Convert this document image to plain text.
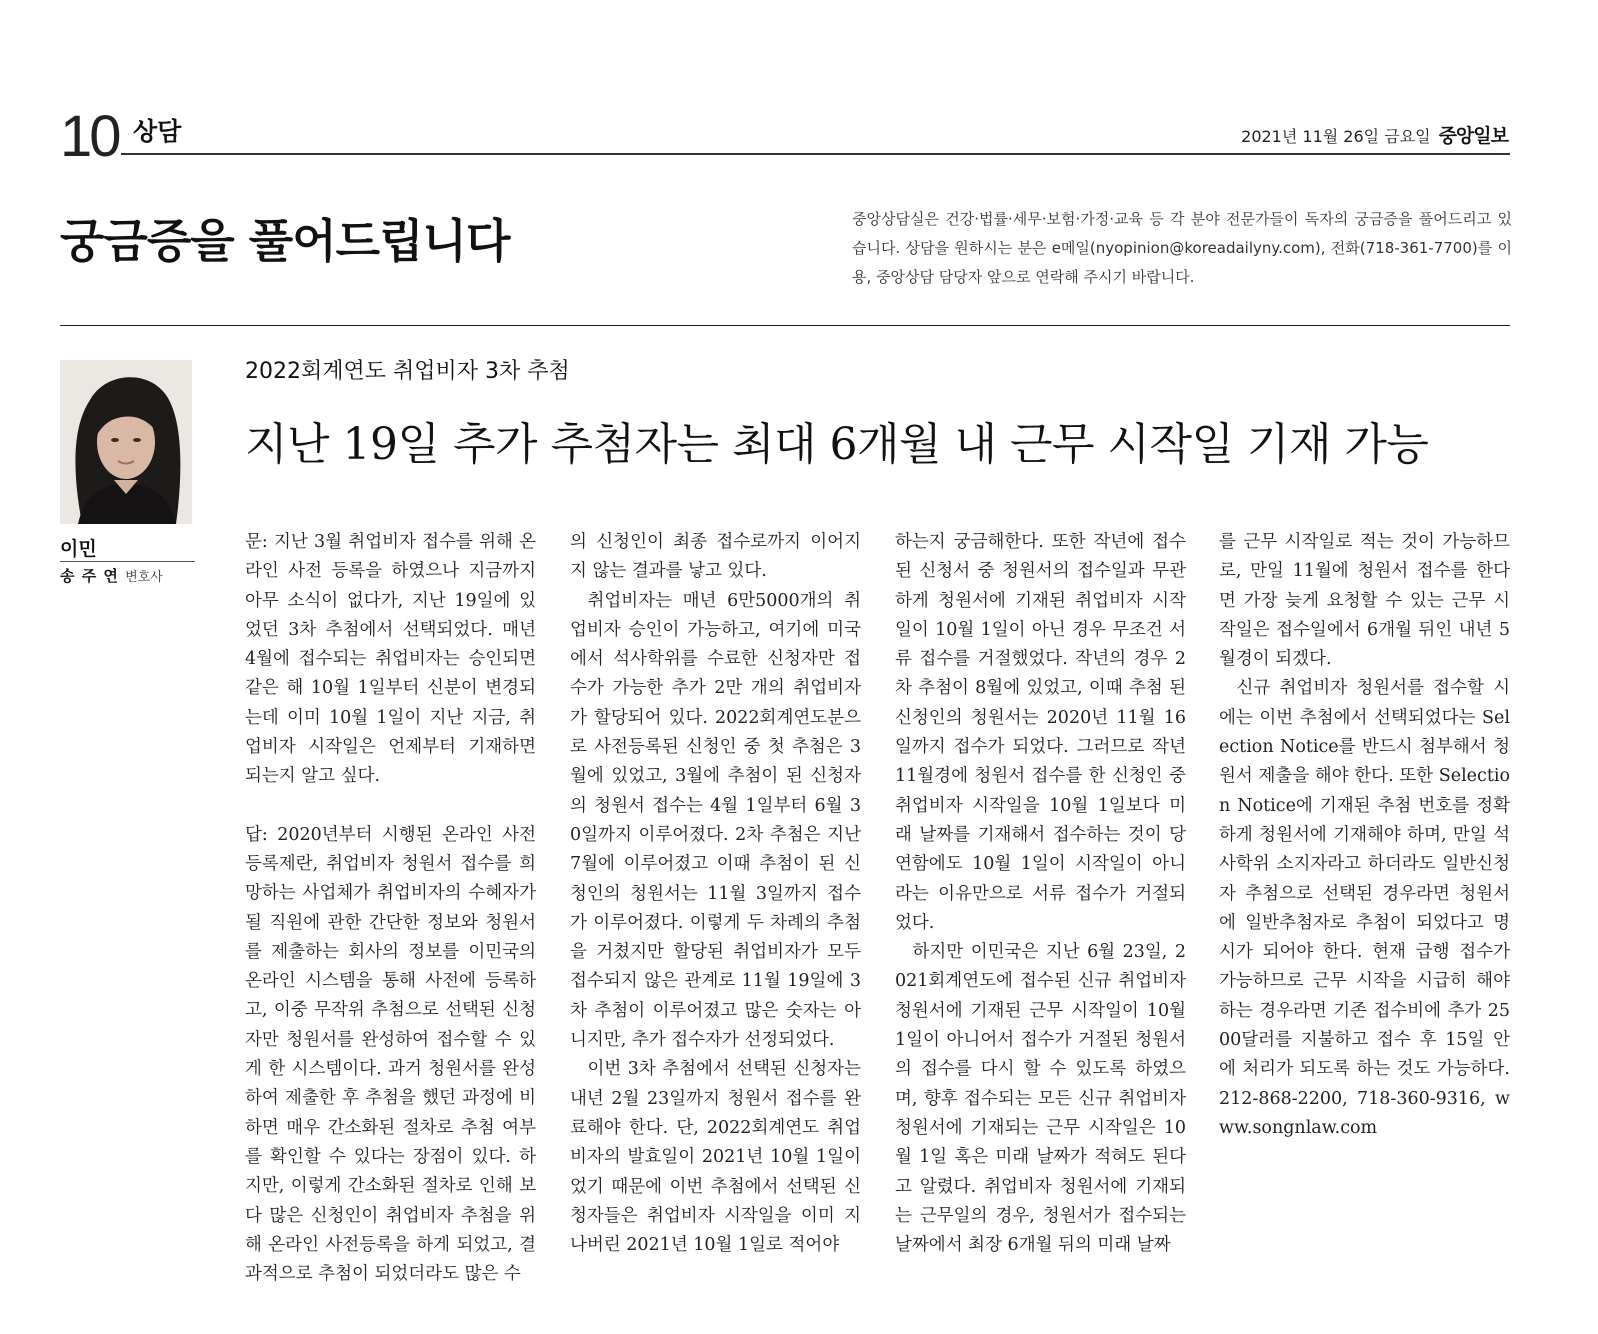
10 상담	2021년 11월 26일 금요일 중앙일보
궁금증을 풀어드립니다	중앙상담실은 건강·법률·세무·보험·가정·교육 등 각 분야 전문가들이 독자의 궁금증을 풀어드리고 있습니다. 상담을 원하시는 분은 e메일(nyopinion@koreadailyny.com), 전화(718-361-7700)를 이용, 중앙상담 담당자 앞으로 연락해 주시기 바랍니다.
이민
송 주 연 변호사
2022회계연도 취업비자 3차 추첨
지난 19일 추가 추첨자는 최대 6개월 내 근무 시작일 기재 가능

문: 지난 3월 취업비자 접수를 위해 온라인 사전 등록을 하였으나 지금까지 아무 소식이 없다가, 지난 19일에 있었던 3차 추첨에서 선택되었다. 매년 4월에 접수되는 취업비자는 승인되면 같은 해 10월 1일부터 신분이 변경되는데 이미 10월 1일이 지난 지금, 취업비자 시작일은 언제부터 기재하면 되는지 알고 싶다.

답: 2020년부터 시행된 온라인 사전등록제란, 취업비자 청원서 접수를 희망하는 사업체가 취업비자의 수혜자가 될 직원에 관한 간단한 정보와 청원서를 제출하는 회사의 정보를 이민국의 온라인 시스템을 통해 사전에 등록하고, 이중 무작위 추첨으로 선택된 신청자만 청원서를 완성하여 접수할 수 있게 한 시스템이다. 과거 청원서를 완성하여 제출한 후 추첨을 했던 과정에 비하면 매우 간소화된 절차로 추첨 여부를 확인할 수 있다는 장점이 있다. 하지만, 이렇게 간소화된 절차로 인해 보다 많은 신청인이 취업비자 추첨을 위해 온라인 사전등록을 하게 되었고, 결과적으로 추첨이 되었더라도 많은 수

의 신청인이 최종 접수로까지 이어지지 않는 결과를 낳고 있다.

취업비자는 매년 6만5000개의 취업비자 승인이 가능하고, 여기에 미국에서 석사학위를 수료한 신청자만 접수가 가능한 추가 2만 개의 취업비자가 할당되어 있다. 2022회계연도분으로 사전등록된 신청인 중 첫 추첨은 3월에 있었고, 3월에 추첨이 된 신청자의 청원서 접수는 4월 1일부터 6월 30일까지 이루어졌다. 2차 추첨은 지난 7월에 이루어졌고 이때 추첨이 된 신청인의 청원서는 11월 3일까지 접수가 이루어졌다. 이렇게 두 차례의 추첨을 거쳤지만 할당된 취업비자가 모두 접수되지 않은 관계로 11월 19일에 3차 추첨이 이루어졌고 많은 숫자는 아니지만, 추가 접수자가 선정되었다.

이번 3차 추첨에서 선택된 신청자는 내년 2월 23일까지 청원서 접수를 완료해야 한다. 단, 2022회계연도 취업비자의 발효일이 2021년 10월 1일이었기 때문에 이번 추첨에서 선택된 신청자들은 취업비자 시작일을 이미 지나버린 2021년 10월 1일로 적어야

하는지 궁금해한다. 또한 작년에 접수된 신청서 중 청원서의 접수일과 무관하게 청원서에 기재된 취업비자 시작일이 10월 1일이 아닌 경우 무조건 서류 접수를 거절했었다. 작년의 경우 2차 추첨이 8월에 있었고, 이때 추첨 된 신청인의 청원서는 2020년 11월 16일까지 접수가 되었다. 그러므로 작년 11월경에 청원서 접수를 한 신청인 중 취업비자 시작일을 10월 1일보다 미래 날짜를 기재해서 접수하는 것이 당연함에도 10월 1일이 시작일이 아니라는 이유만으로 서류 접수가 거절되었다.

하지만 이민국은 지난 6월 23일, 2021회계연도에 접수된 신규 취업비자 청원서에 기재된 근무 시작일이 10월 1일이 아니어서 접수가 거절된 청원서의 접수를 다시 할 수 있도록 하였으며, 향후 접수되는 모든 신규 취업비자 청원서에 기재되는 근무 시작일은 10월 1일 혹은 미래 날짜가 적혀도 된다고 알렸다. 취업비자 청원서에 기재되는 근무일의 경우, 청원서가 접수되는 날짜에서 최장 6개월 뒤의 미래 날짜

를 근무 시작일로 적는 것이 가능하므로, 만일 11월에 청원서 접수를 한다면 가장 늦게 요청할 수 있는 근무 시작일은 접수일에서 6개월 뒤인 내년 5월경이 되겠다.

신규 취업비자 청원서를 접수할 시에는 이번 추첨에서 선택되었다는 Selection Notice를 반드시 첨부해서 청원서 제출을 해야 한다. 또한 Selection Notice에 기재된 추첨 번호를 정확하게 청원서에 기재해야 하며, 만일 석사학위 소지자라고 하더라도 일반신청자 추첨으로 선택된 경우라면 청원서에 일반추첨자로 추첨이 되었다고 명시가 되어야 한다. 현재 급행 접수가 가능하므로 근무 시작을 시급히 해야하는 경우라면 기존 접수비에 추가 2500달러를 지불하고 접수 후 15일 안에 처리가 되도록 하는 것도 가능하다. 212-868-2200, 718-360-9316, www.songnlaw.com
